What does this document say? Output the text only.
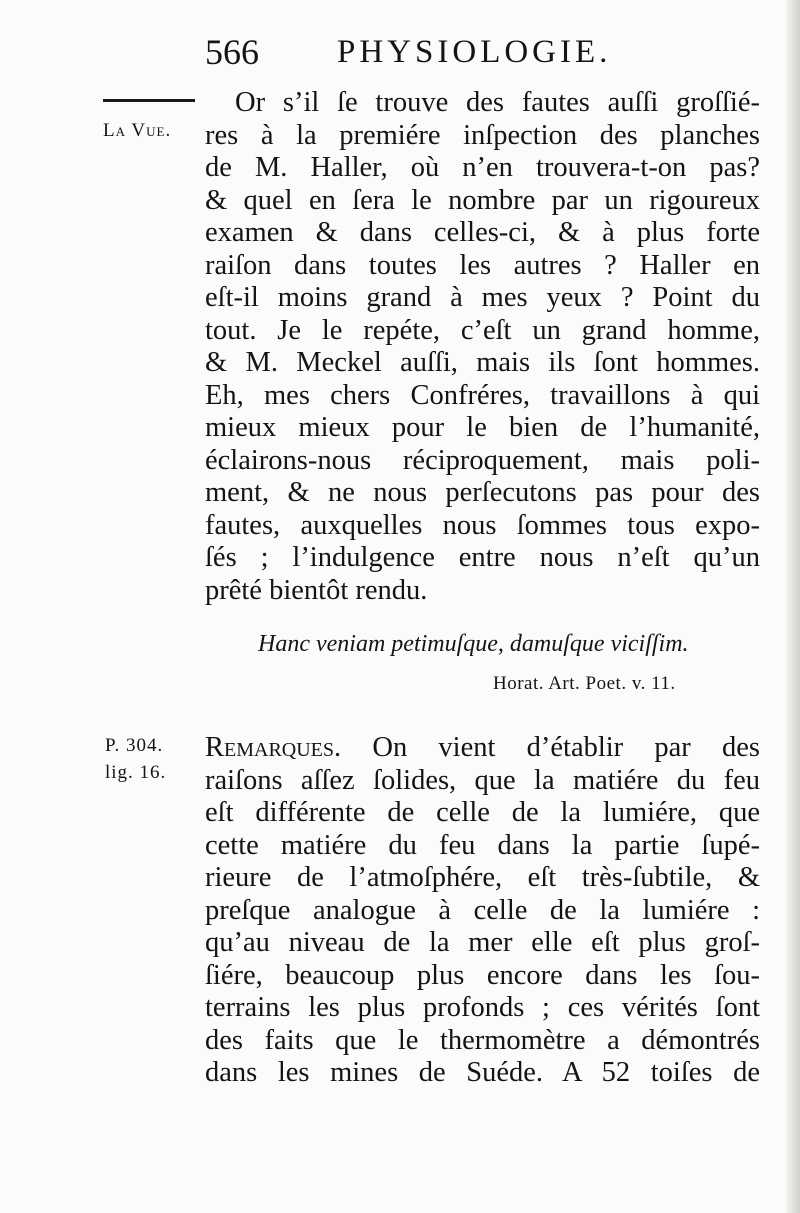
566 PHYSIOLOGIE.
La Vue.
Or s’il ſe trouve des fautes auſſi groſſié-
res à la premiére inſpection des planches
de M. Haller, où n’en trouvera-t-on pas?
& quel en ſera le nombre par un rigoureux
examen & dans celles-ci, & à plus forte
raiſon dans toutes les autres ? Haller en
eſt-il moins grand à mes yeux ? Point du
tout. Je le repéte, c’eſt un grand homme,
& M. Meckel auſſi, mais ils ſont hommes.
Eh, mes chers Confréres, travaillons à qui
mieux mieux pour le bien de l’humanité,
éclairons-nous réciproquement, mais poli-
ment, & ne nous perſecutons pas pour des
fautes, auxquelles nous ſommes tous expo-
ſés ; l’indulgence entre nous n’eſt qu’un
prêté bientôt rendu.
Hanc veniam petimuſque, damuſque viciſſim.
Horat. Art. Poet. v. 11.
P. 304.
lig. 16.
Remarques. On vient d’établir par des
raiſons aſſez ſolides, que la matiére du feu
eſt différente de celle de la lumiére, que
cette matiére du feu dans la partie ſupé-
rieure de l’atmoſphére, eſt très-ſubtile, &
preſque analogue à celle de la lumiére :
qu’au niveau de la mer elle eſt plus groſ-
ſiére, beaucoup plus encore dans les ſou-
terrains les plus profonds ; ces vérités ſont
des faits que le thermomètre a démontrés
dans les mines de Suéde. A 52 toiſes de
